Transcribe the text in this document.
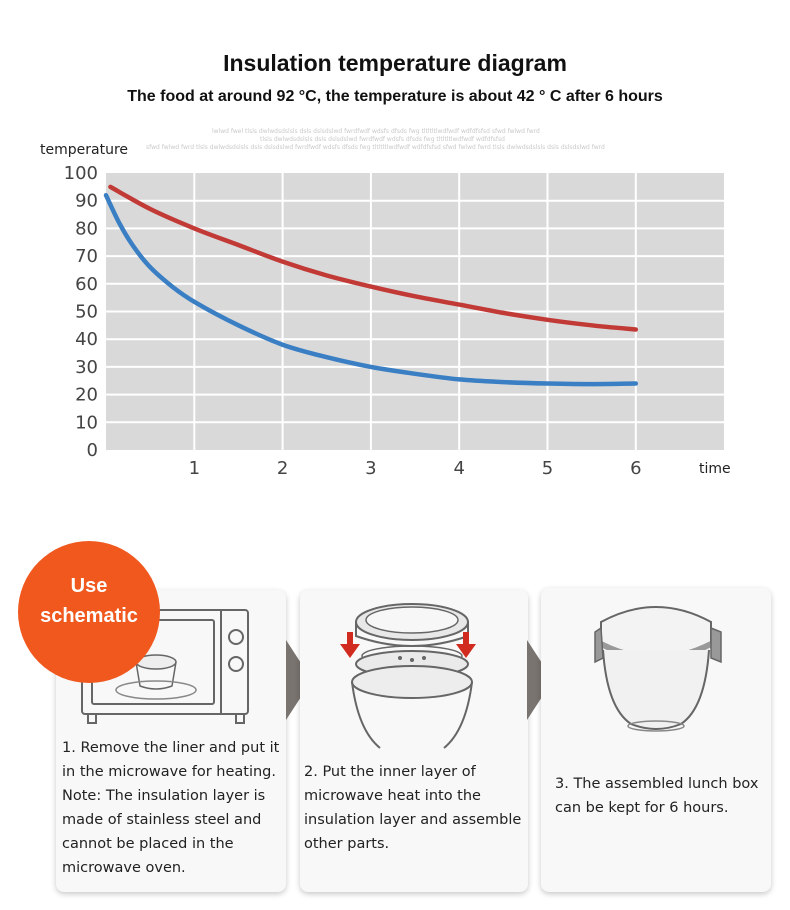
Insulation temperature diagram
The food at around 92 °C, the temperature is about 42 ° C after 6 hours
lwlwd fwel tlsls dwlwdsdslsls dsls dslsdslwd fwrdfwdf wdsfs dfsds fwg tltltltlwdfwdf wdfdfsfsd sfwd fwlwd fwrd
tlsls dwlwdsdslsls dsls dslsdslwd fwrdfwdf wdsfs dfsds fwg tltltltlwdfwdf wdfdfsfsd
sfwd fwlwd fwrd tlsls dwlwdsdslsls dsls dslsdslwd fwrdfwdf wdsfs dfsds fwg tltltltlwdfwdf wdfdfsfsd sfwd fwlwd fwrd tlsls dwlwdsdslsls dsls dslsdslwd fwrd
temperature
time
100
90
80
70
60
50
40
30
20
10
0
1	2	3	4	5	6
1. Remove the liner and put it in the microwave for heating. Note: The insulation layer is made of stainless steel and cannot be placed in the microwave oven.
2. Put the inner layer of microwave heat into the insulation layer and assemble other parts.
3. The assembled lunch box can be kept for 6 hours.
Use
schematic
